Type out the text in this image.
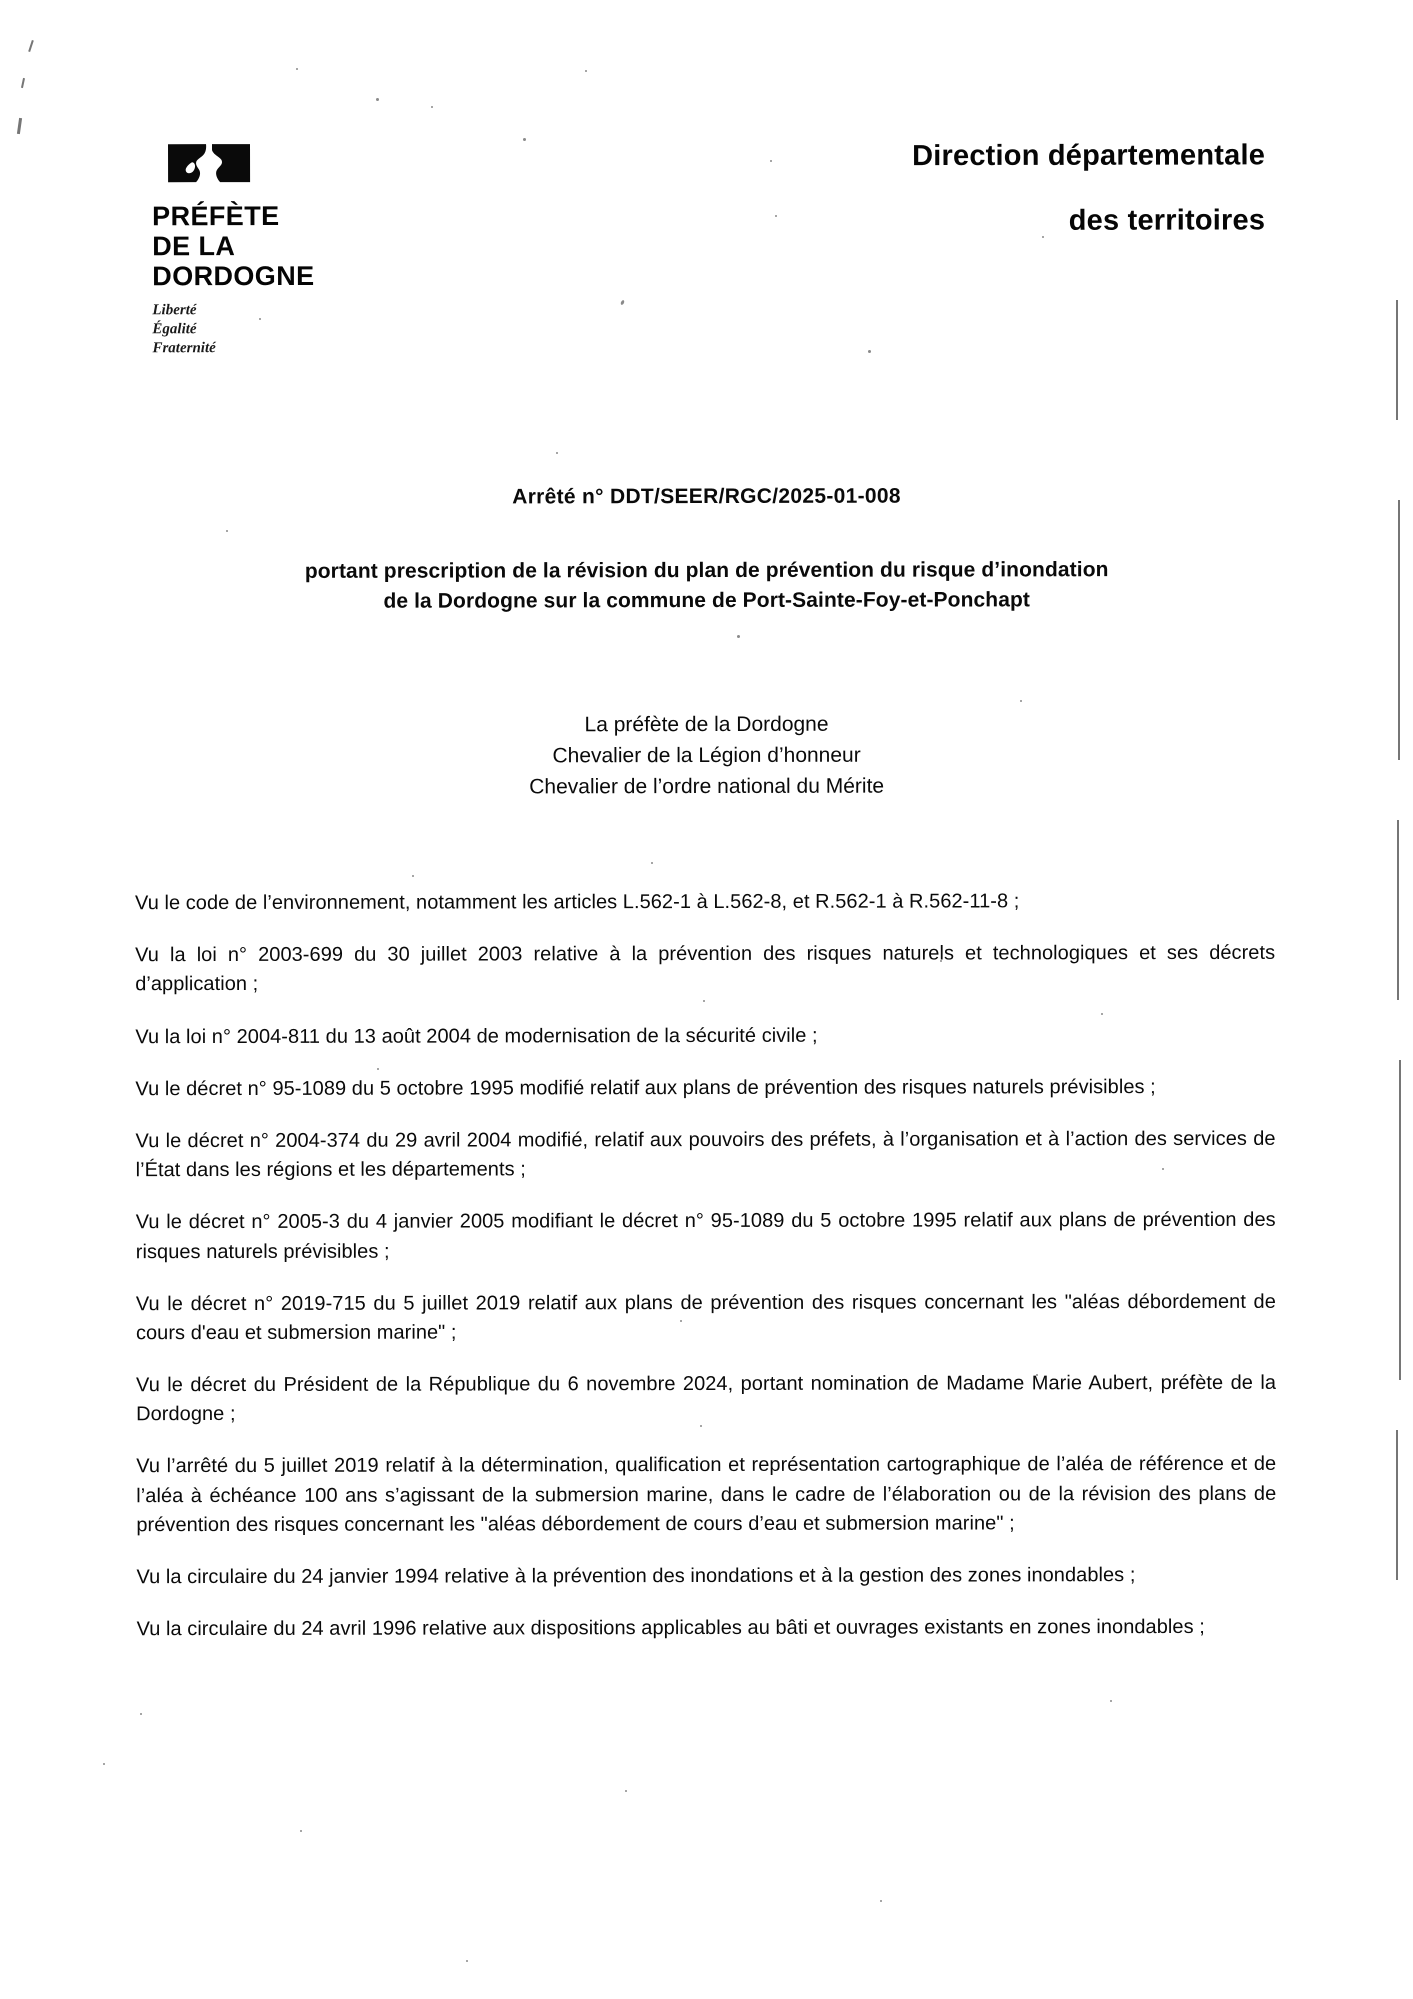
PRÉFÈTE
DE LA
DORDOGNE
Liberté
Égalité
Fraternité
Direction départementale
des territoires
Arrêté n° DDT/SEER/RGC/2025-01-008
portant prescription de la révision du plan de prévention du risque d’inondation
de la Dordogne sur la commune de Port-Sainte-Foy-et-Ponchapt
La préfète de la Dordogne
Chevalier de la Légion d’honneur
Chevalier de l’ordre national du Mérite

Vu le code de l’environnement, notamment les articles L.562-1 à L.562-8, et R.562-1 à R.562-11-8 ;

Vu la loi n° 2003-699 du 30 juillet 2003 relative à la prévention des risques naturels et technologiques et ses décrets d’application ;

Vu la loi n° 2004-811 du 13 août 2004 de modernisation de la sécurité civile ;

Vu le décret n° 95-1089 du 5 octobre 1995 modifié relatif aux plans de prévention des risques naturels prévisibles ;

Vu le décret n° 2004-374 du 29 avril 2004 modifié, relatif aux pouvoirs des préfets, à l’organisation et à l’action des services de l’État dans les régions et les départements ;

Vu le décret n° 2005-3 du 4 janvier 2005 modifiant le décret n° 95-1089 du 5 octobre 1995 relatif aux plans de prévention des risques naturels prévisibles ;

Vu le décret n° 2019-715 du 5 juillet 2019 relatif aux plans de prévention des risques concernant les "aléas débordement de cours d'eau et submersion marine" ;

Vu le décret du Président de la République du 6 novembre 2024, portant nomination de Madame Marie Aubert, préfète de la Dordogne ;

Vu l’arrêté du 5 juillet 2019 relatif à la détermination, qualification et représentation cartographique de l’aléa de référence et de l’aléa à échéance 100 ans s’agissant de la submersion marine, dans le cadre de l’élaboration ou de la révision des plans de prévention des risques concernant les "aléas débordement de cours d’eau et submersion marine" ;

Vu la circulaire du 24 janvier 1994 relative à la prévention des inondations et à la gestion des zones inondables ;

Vu la circulaire du 24 avril 1996 relative aux dispositions applicables au bâti et ouvrages existants en zones inondables ;
